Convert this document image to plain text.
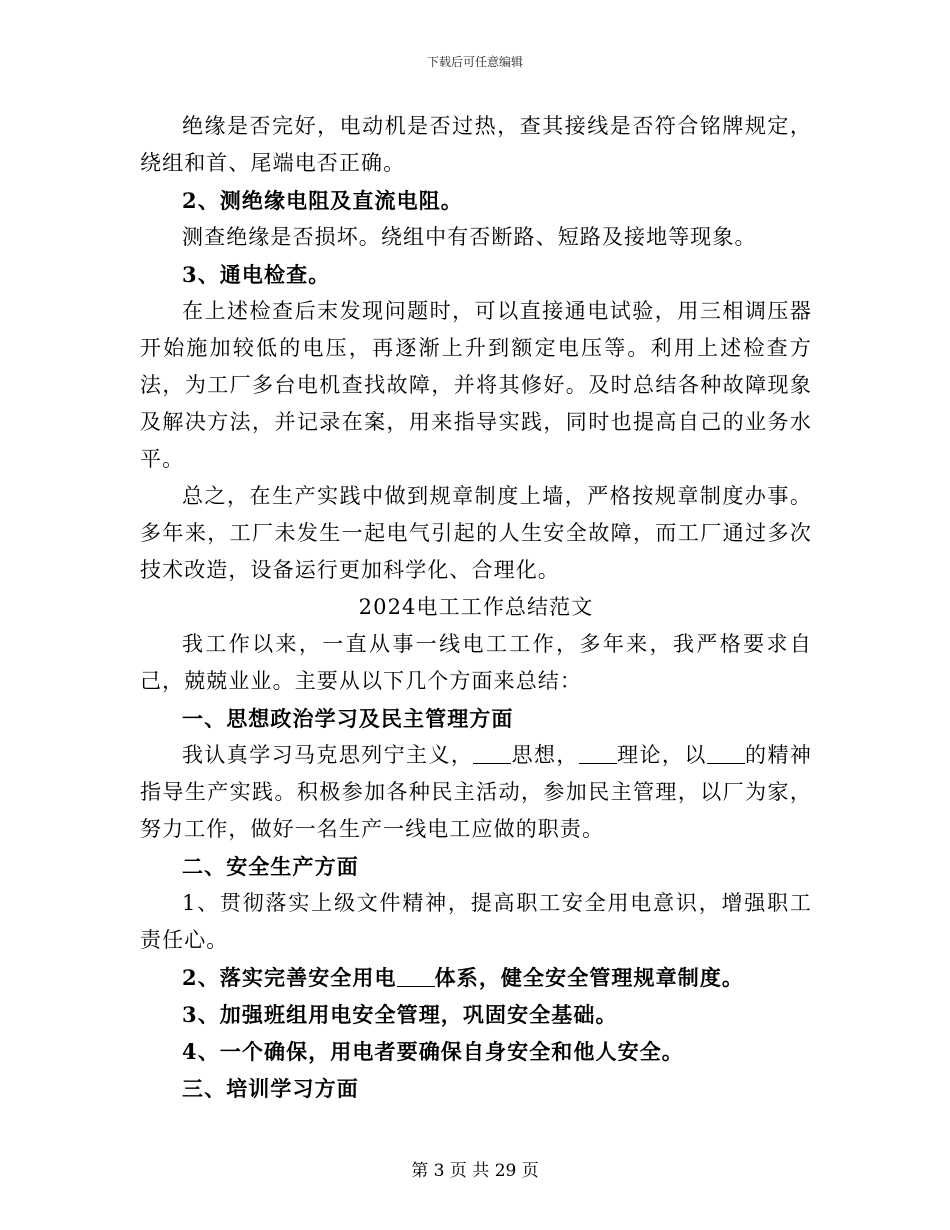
下载后可任意编辑

绝缘是否完好，电动机是否过热，查其接线是否符合铭牌规定，绕组和首、尾端电否正确。

2、测绝缘电阻及直流电阻。

测查绝缘是否损坏。绕组中有否断路、短路及接地等现象。

3、通电检查。

在上述检查后末发现问题时，可以直接通电试验，用三相调压器开始施加较低的电压，再逐渐上升到额定电压等。利用上述检查方法，为工厂多台电机查找故障，并将其修好。及时总结各种故障现象及解决方法，并记录在案，用来指导实践，同时也提高自己的业务水平。

总之，在生产实践中做到规章制度上墙，严格按规章制度办事。多年来，工厂未发生一起电气引起的人生安全故障，而工厂通过多次技术改造，设备运行更加科学化、合理化。

2024电工工作总结范文

我工作以来，一直从事一线电工工作，多年来，我严格要求自己，兢兢业业。主要从以下几个方面来总结：

一、思想政治学习及民主管理方面

我认真学习马克思列宁主义， 思想， 理论，以 的精神指导生产实践。积极参加各种民主活动，参加民主管理，以厂为家，努力工作，做好一名生产一线电工应做的职责。

二、安全生产方面

1、贯彻落实上级文件精神，提高职工安全用电意识，增强职工责任心。

2、落实完善安全用电 体系，健全安全管理规章制度。

3、加强班组用电安全管理，巩固安全基础。

4、一个确保，用电者要确保自身安全和他人安全。

三、培训学习方面

第 3 页 共 29 页
